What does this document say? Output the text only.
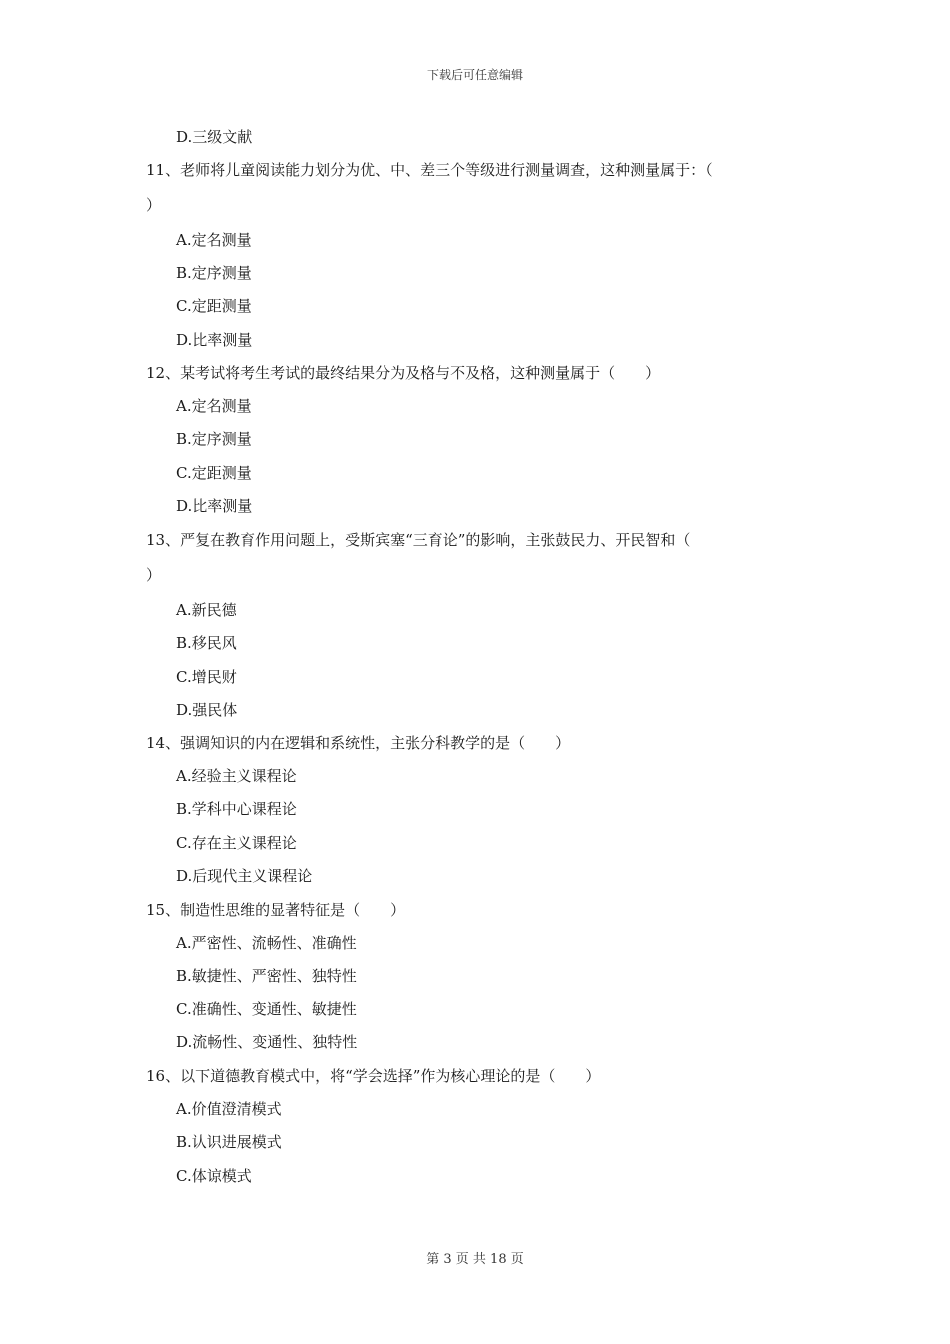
下载后可任意编辑
D.三级文献
11、老师将儿童阅读能力划分为优、中、差三个等级进行测量调查，这种测量属于：（
）
A.定名测量
B.定序测量
C.定距测量
D.比率测量
12、某考试将考生考试的最终结果分为及格与不及格，这种测量属于（　　）
A.定名测量
B.定序测量
C.定距测量
D.比率测量
13、严复在教育作用问题上，受斯宾塞“三育论”的影响，主张鼓民力、开民智和（
）
A.新民德
B.移民风
C.增民财
D.强民体
14、强调知识的内在逻辑和系统性，主张分科教学的是（　　）
A.经验主义课程论
B.学科中心课程论
C.存在主义课程论
D.后现代主义课程论
15、制造性思维的显著特征是（　　）
A.严密性、流畅性、准确性
B.敏捷性、严密性、独特性
C.准确性、变通性、敏捷性
D.流畅性、变通性、独特性
16、以下道德教育模式中，将“学会选择”作为核心理论的是（　　）
A.价值澄清模式
B.认识进展模式
C.体谅模式
第 3 页 共 18 页
